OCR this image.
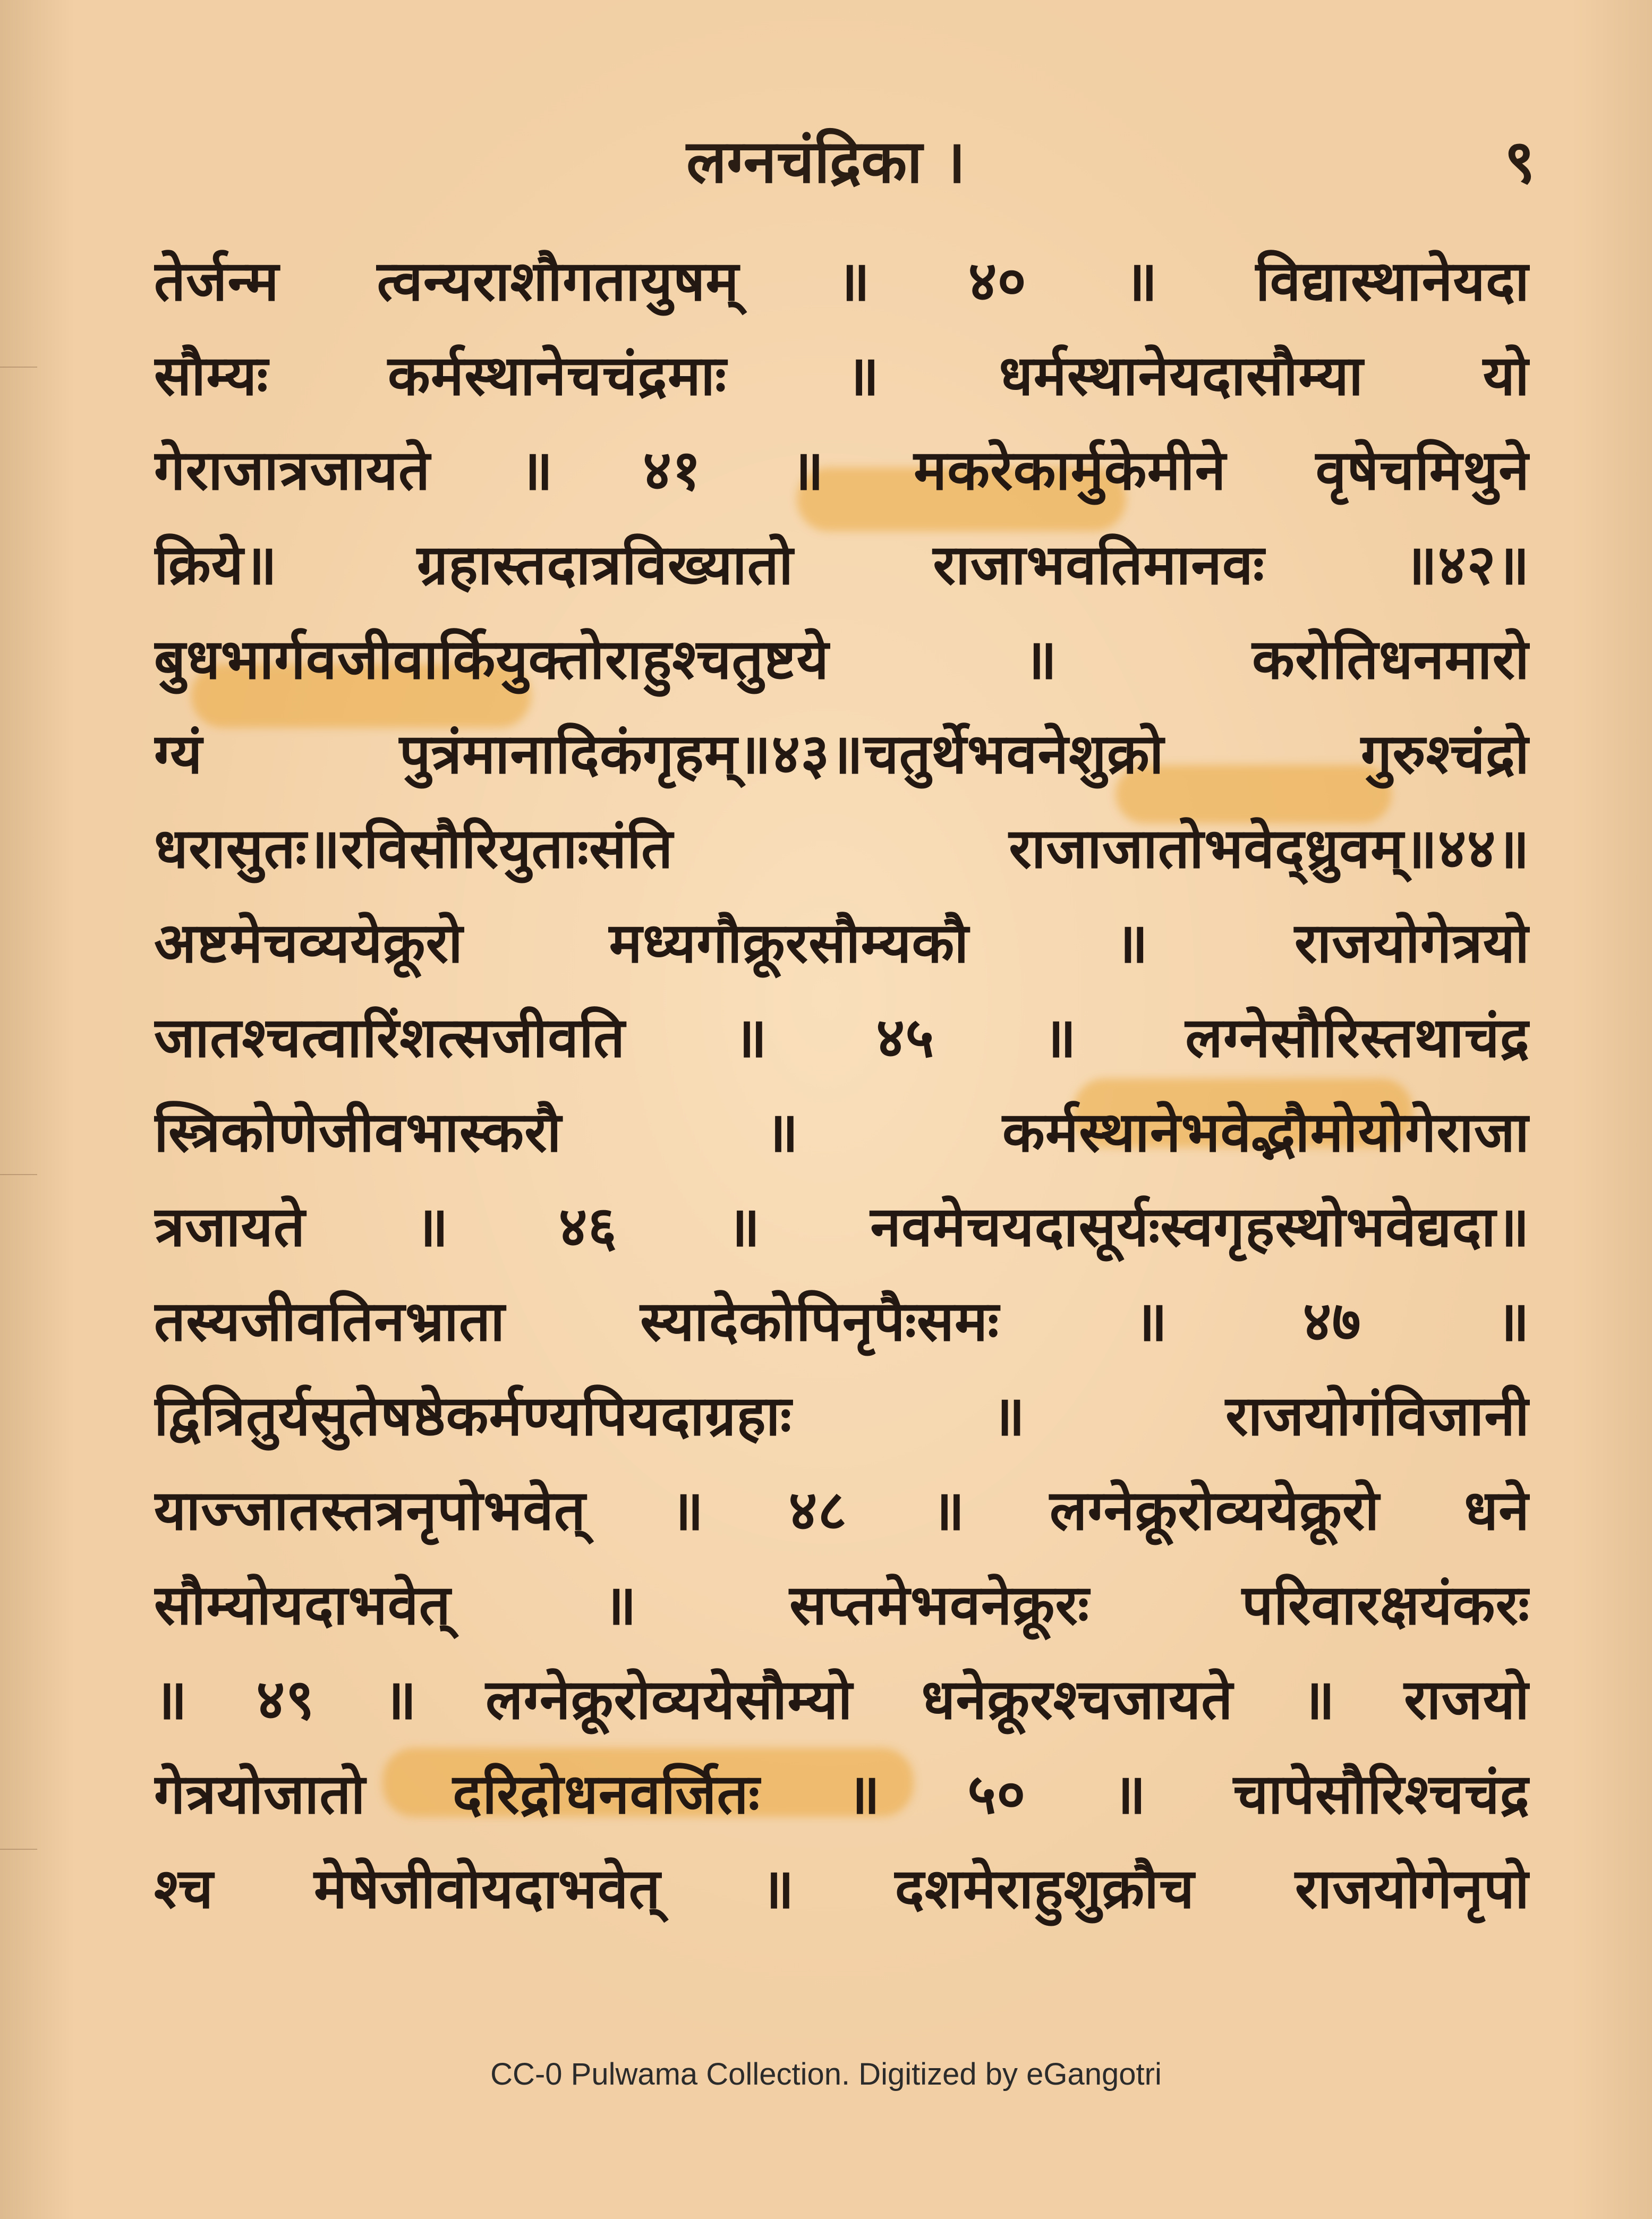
लग्नचंद्रिका ।	९
तेर्जन्म त्वन्यराशौगतायुषम् ॥ ४० ॥ विद्यास्थानेयदा
सौम्यः कर्मस्थानेचचंद्रमाः ॥ धर्मस्थानेयदासौम्या यो
गेराजात्रजायते ॥ ४१ ॥ मकरेकार्मुकेमीने वृषेचमिथुने
क्रिये॥ ग्रहास्तदात्रविख्यातो राजाभवतिमानवः ॥४२॥
बुधभार्गवजीवार्कियुक्तोराहुश्चतुष्टये ॥ करोतिधनमारो
ग्यं पुत्रंमानादिकंगृहम्॥४३॥चतुर्थेभवनेशुक्रो गुरुश्चंद्रो
धरासुतः॥रविसौरियुताःसंति राजाजातोभवेद्ध्रुवम्॥४४॥
अष्टमेचव्ययेक्रूरो मध्यगौक्रूरसौम्यकौ ॥ राजयोगेत्रयो
जातश्चत्वारिंशत्सजीवति ॥ ४५ ॥ लग्नेसौरिस्तथाचंद्र
स्त्रिकोणेजीवभास्करौ ॥ कर्मस्थानेभवेद्भौमोयोगेराजा
त्रजायते ॥ ४६ ॥ नवमेचयदासूर्यःस्वगृहस्थोभवेद्यदा॥
तस्यजीवतिनभ्राता स्यादेकोपिनृपैःसमः ॥ ४७ ॥
द्वित्रितुर्यसुतेषष्ठेकर्मण्यपियदाग्रहाः ॥ राजयोगंविजानी
याज्जातस्तत्रनृपोभवेत् ॥ ४८ ॥ लग्नेक्रूरोव्ययेक्रूरो धने
सौम्योयदाभवेत् ॥ सप्तमेभवनेक्रूरः परिवारक्षयंकरः
॥ ४९ ॥ लग्नेक्रूरोव्ययेसौम्यो धनेक्रूरश्चजायते ॥ राजयो
गेत्रयोजातो दरिद्रोधनवर्जितः ॥ ५० ॥ चापेसौरिश्चचंद्र
श्च मेषेजीवोयदाभवेत् ॥ दशमेराहुशुक्रौच राजयोगेनृपो
CC-0 Pulwama Collection. Digitized by eGangotri
